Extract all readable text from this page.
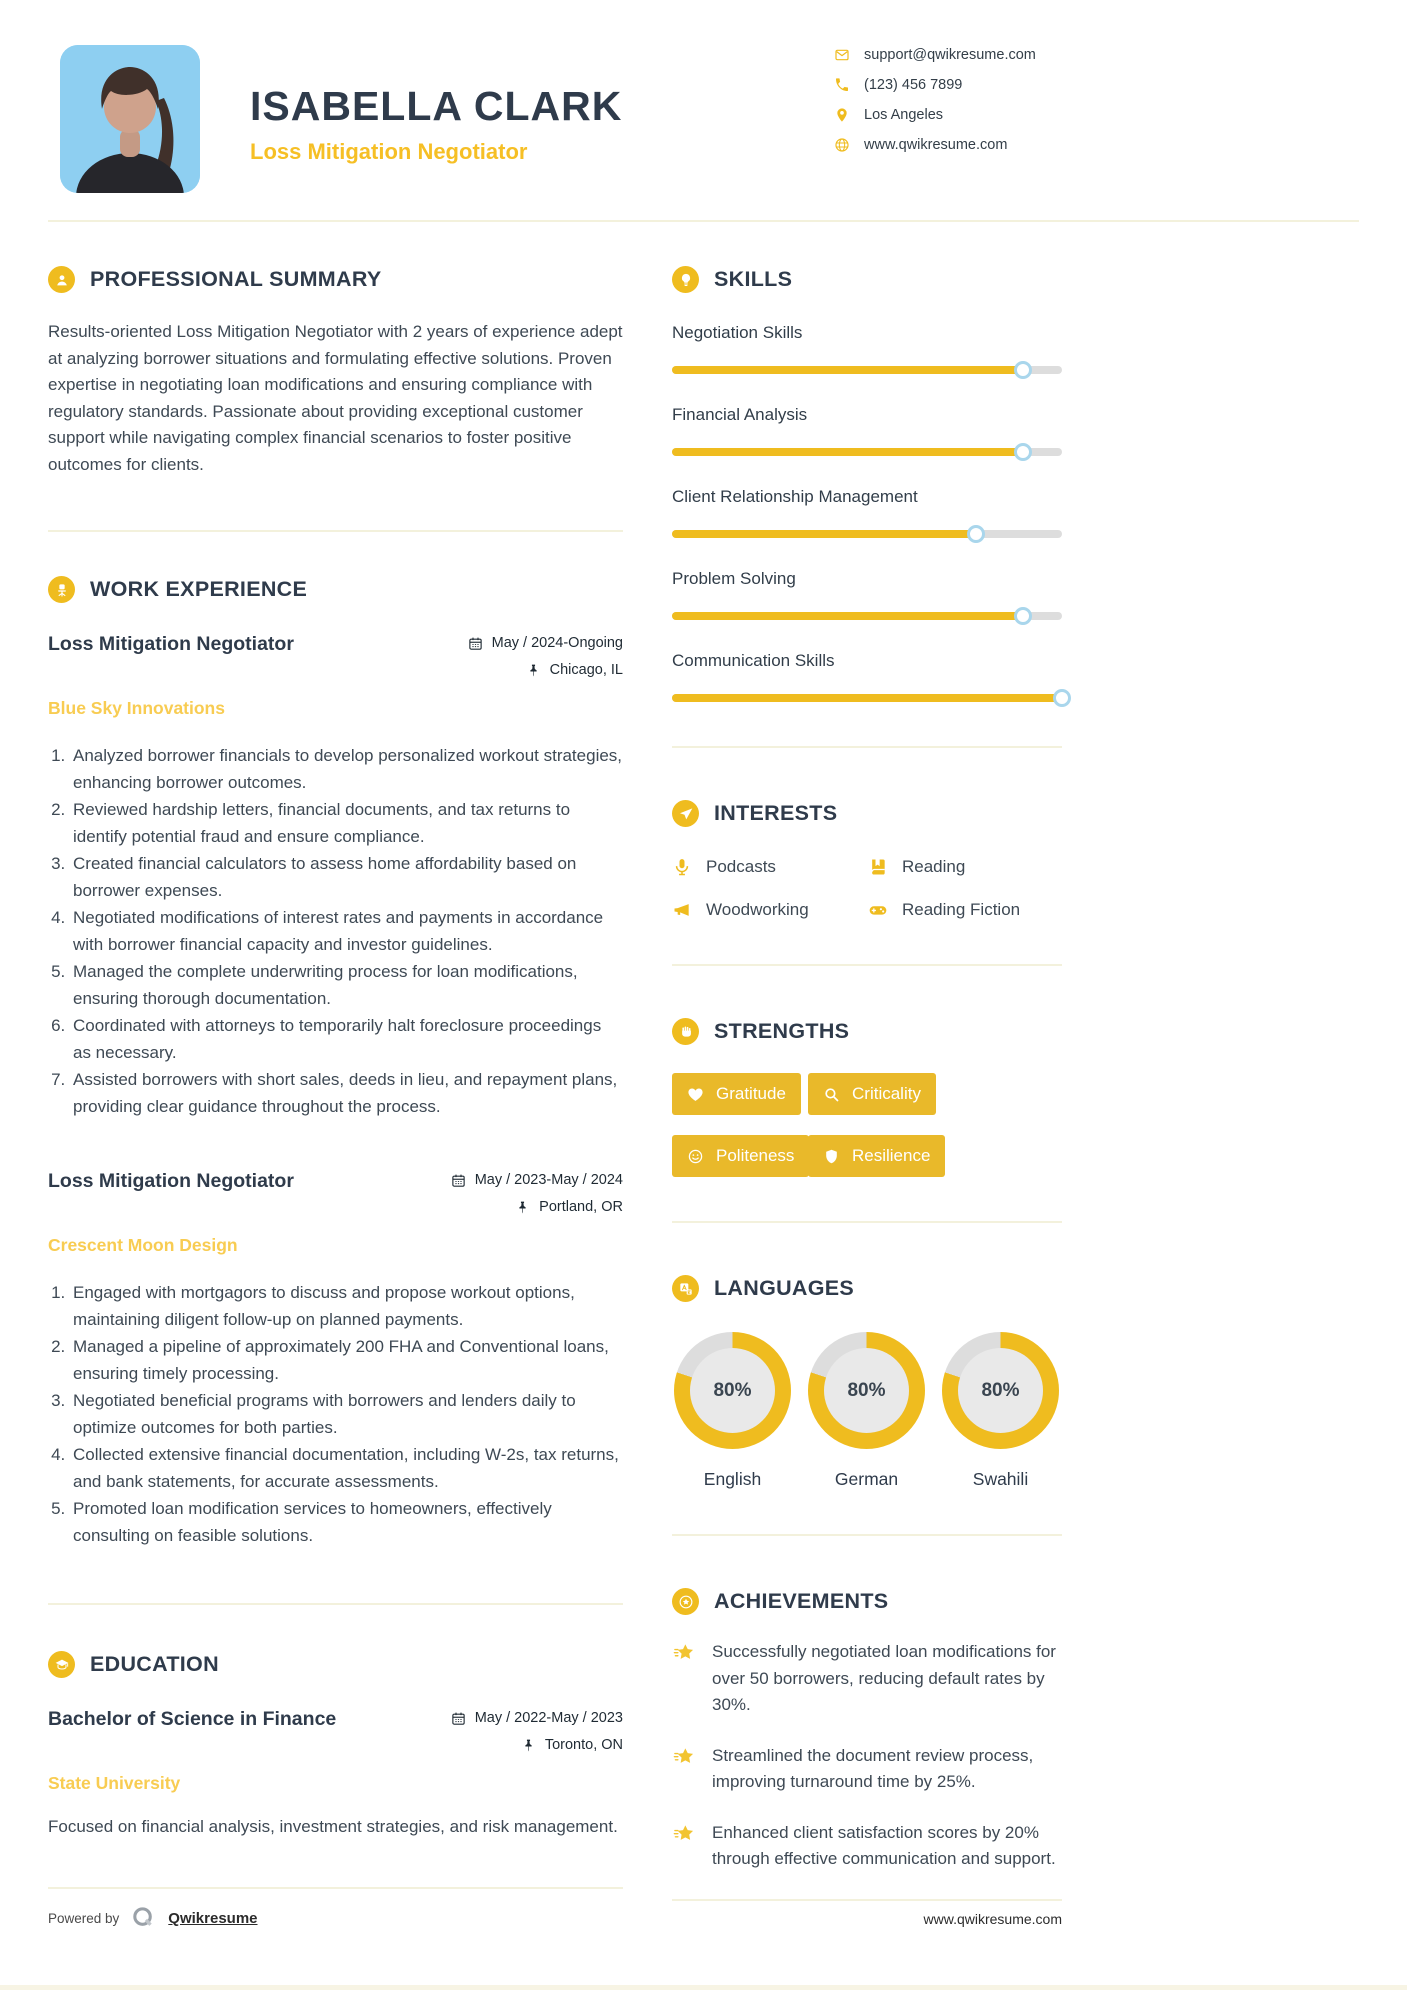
ISABELLA CLARK
Loss Mitigation Negotiator
support@qwikresume.com
(123) 456 7899
Los Angeles
www.qwikresume.com
PROFESSIONAL SUMMARY

Results-oriented Loss Mitigation Negotiator with 2 years of experience adept at analyzing borrower situations and formulating effective solutions. Proven expertise in negotiating loan modifications and ensuring compliance with regulatory standards. Passionate about providing exceptional customer support while navigating complex financial scenarios to foster positive outcomes for clients.

WORK EXPERIENCE
Loss Mitigation Negotiator	May / 2024-Ongoing
Chicago, IL
Blue Sky Innovations
1. Analyzed borrower financials to develop personalized workout strategies, enhancing borrower outcomes.
2. Reviewed hardship letters, financial documents, and tax returns to identify potential fraud and ensure compliance.
3. Created financial calculators to assess home affordability based on borrower expenses.
4. Negotiated modifications of interest rates and payments in accordance with borrower financial capacity and investor guidelines.
5. Managed the complete underwriting process for loan modifications, ensuring thorough documentation.
6. Coordinated with attorneys to temporarily halt foreclosure proceedings as necessary.
7. Assisted borrowers with short sales, deeds in lieu, and repayment plans, providing clear guidance throughout the process.
Loss Mitigation Negotiator	May / 2023-May / 2024
Portland, OR
Crescent Moon Design
1. Engaged with mortgagors to discuss and propose workout options, maintaining diligent follow-up on planned payments.
2. Managed a pipeline of approximately 200 FHA and Conventional loans, ensuring timely processing.
3. Negotiated beneficial programs with borrowers and lenders daily to optimize outcomes for both parties.
4. Collected extensive financial documentation, including W-2s, tax returns, and bank statements, for accurate assessments.
5. Promoted loan modification services to homeowners, effectively consulting on feasible solutions.
EDUCATION
Bachelor of Science in Finance	May / 2022-May / 2023
Toronto, ON
State University

Focused on financial analysis, investment strategies, and risk management.

SKILLS
Negotiation Skills
Financial Analysis
Client Relationship Management
Problem Solving
Communication Skills
INTERESTS
Podcasts	Reading
Woodworking	Reading Fiction
STRENGTHS
Gratitude	Criticality
Politeness	Resilience
LANGUAGES
80%
English
80%
German
80%
Swahili
ACHIEVEMENTS

Successfully negotiated loan modifications for over 50 borrowers, reducing default rates by 30%.

Streamlined the document review process, improving turnaround time by 25%.

Enhanced client satisfaction scores by 20% through effective communication and support.

Powered by	Qwikresume	www.qwikresume.com
